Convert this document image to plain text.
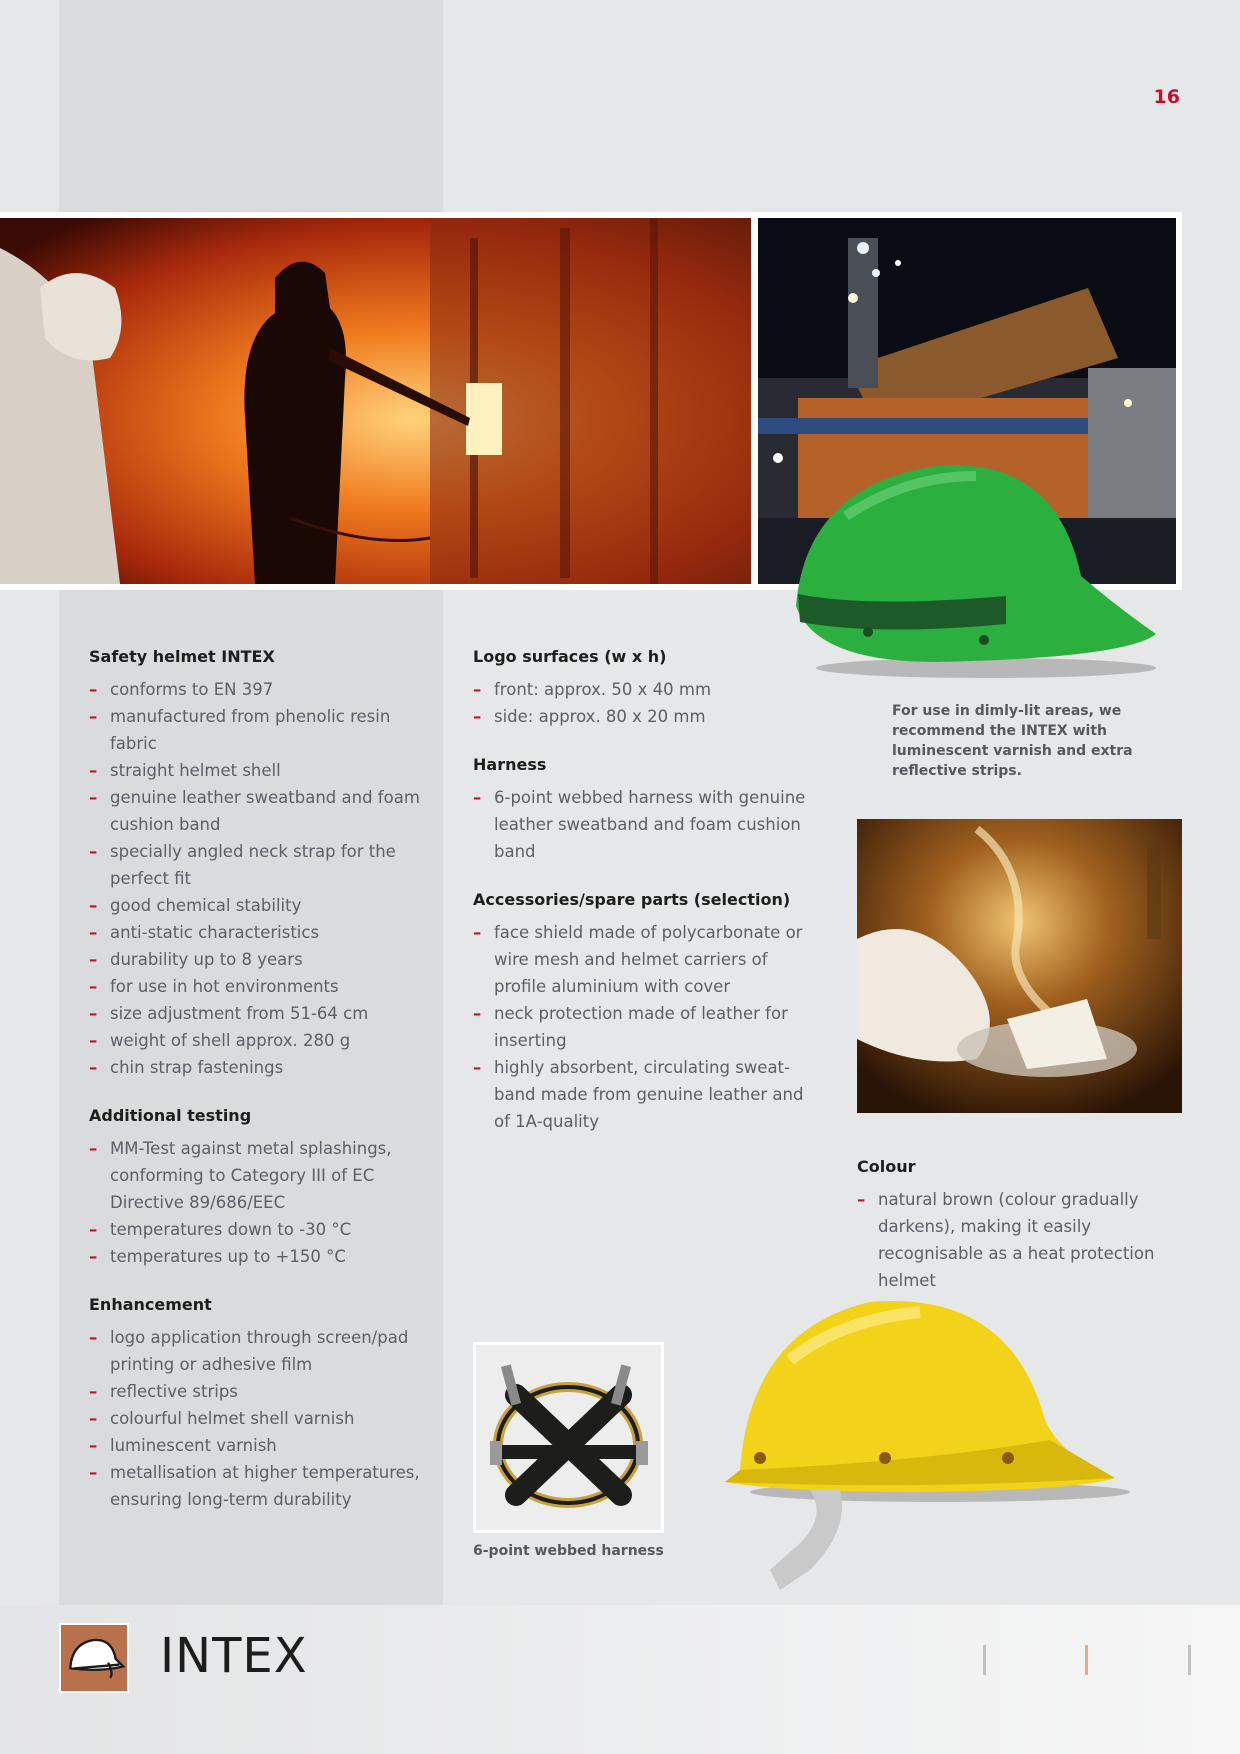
16
Safety helmet INTEX
– conforms to EN 397
– manufactured from phenolic resin fabric
– straight helmet shell
– genuine leather sweatband and foam cushion band
– specially angled neck strap for the perfect fit
– good chemical stability
– anti-static characteristics
– durability up to 8 years
– for use in hot environments
– size adjustment from 51-64 cm
– weight of shell approx. 280 g
– chin strap fastenings
Additional testing
– MM-Test against metal splashings, conforming to Category III of EC Directive 89/686/EEC
– temperatures down to -30 °C
– temperatures up to +150 °C
Enhancement
– logo application through screen/pad printing or adhesive film
– reflective strips
– colourful helmet shell varnish
– luminescent varnish
– metallisation at higher temperatures, ensuring long-term durability
Logo surfaces (w x h)
– front: approx. 50 x 40 mm
– side: approx. 80 x 20 mm
Harness
– 6-point webbed harness with genuine leather sweatband and foam cushion band
Accessories/spare parts (selection)
– face shield made of polycarbonate or wire mesh and helmet carriers of profile aluminium with cover
– neck protection made of leather for inserting
– highly absorbent, circulating sweat-band made from genuine leather and of 1A-quality
For use in dimly-lit areas, we recommend the INTEX with luminescent varnish and extra reflective strips.
Colour
– natural brown (colour gradually darkens), making it easily recognisable as a heat protection helmet
6-point webbed harness
INTEX
